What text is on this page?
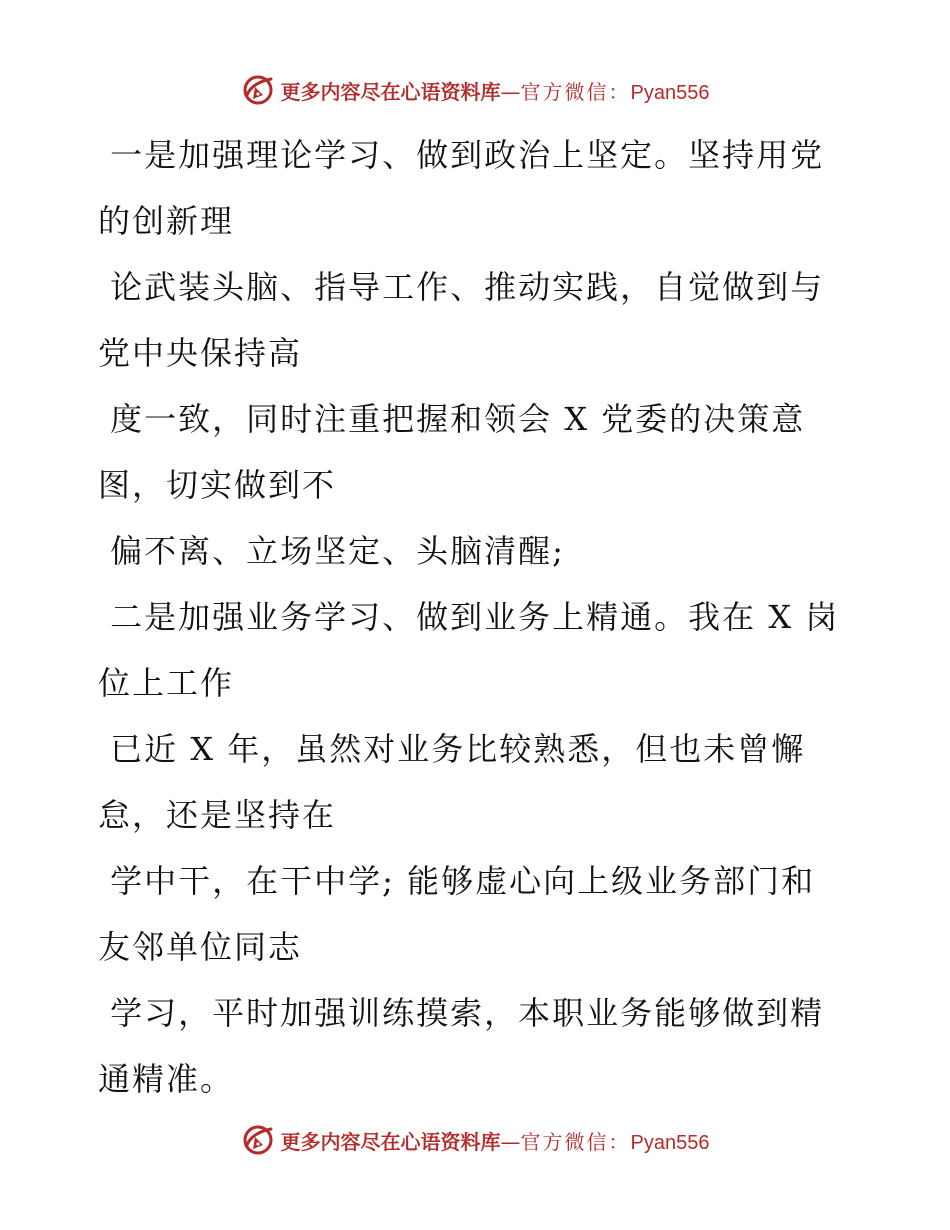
更多内容尽在心语资料库 — 官方微信： Pyan556
一是加强理论学习、做到政治上坚定。坚持用党
的创新理
论武装头脑、指导工作、推动实践，自觉做到与
党中央保持高
度一致，同时注重把握和领会 X 党委的决策意
图，切实做到不
偏不离、立场坚定、头脑清醒;
二是加强业务学习、做到业务上精通。我在 X 岗
位上工作
已近 X 年，虽然对业务比较熟悉，但也未曾懈
怠，还是坚持在
学中干，在干中学; 能够虚心向上级业务部门和
友邻单位同志
学习，平时加强训练摸索，本职业务能够做到精
通精准。
更多内容尽在心语资料库 — 官方微信： Pyan556
